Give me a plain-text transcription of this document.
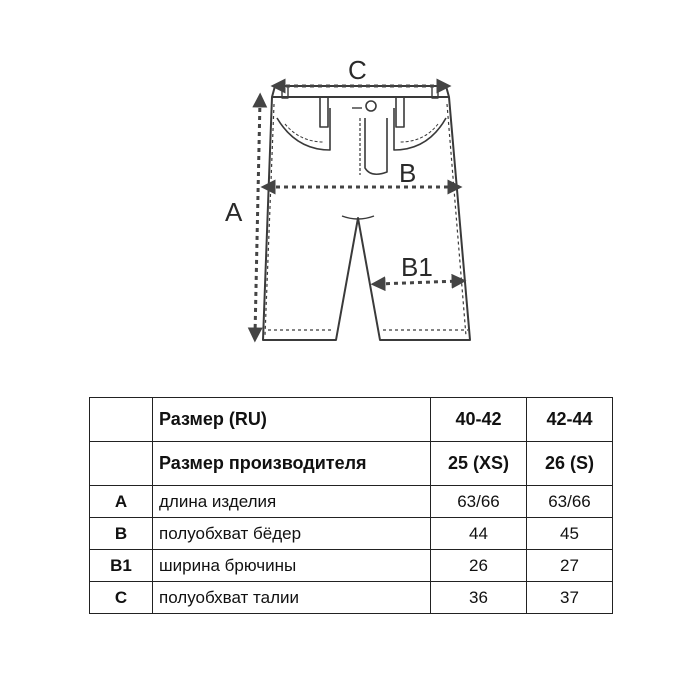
C
B
B1
A
	Размер (RU)	40-42	42-44
	Размер производителя	25 (XS)	26 (S)
A	длина изделия	63/66	63/66
B	полуобхват бёдер	44	45
B1	ширина брючины	26	27
C	полуобхват талии	36	37
